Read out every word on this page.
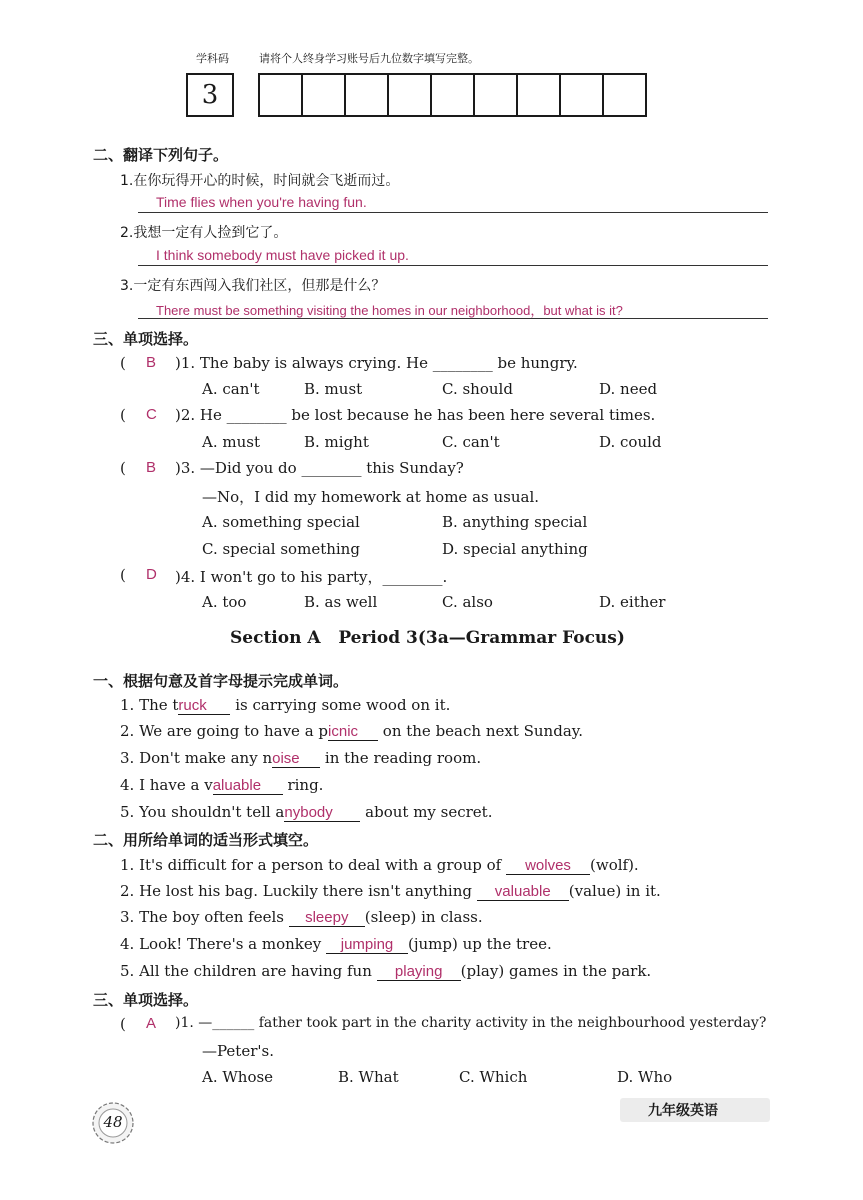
学科码	请将个人终身学习账号后九位数字填写完整。
3
二、翻译下列句子。
1.在你玩得开心的时候，时间就会飞逝而过。
Time flies when you're having fun.
2.我想一定有人捡到它了。
I think somebody must have picked it up.
3.一定有东西闯入我们社区，但那是什么？
There must be something visiting the homes in our neighborhood，but what is it?
三、单项选择。
( B )1. The baby is always crying. He ________ be hungry.
A. can't	B. must	C. should	D. need
( C )2. He ________ be lost because he has been here several times.
A. must	B. might	C. can't	D. could
( B )3. —Did you do ________ this Sunday?
—No，I did my homework at home as usual.
A. something special	B. anything special
C. special something	D. special anything
( D )4. I won't go to his party，________.
A. too	B. as well	C. also	D. either
Section A   Period 3(3a—Grammar Focus)
一、根据句意及首字母提示完成单词。
1. The truck is carrying some wood on it.
2. We are going to have a picnic on the beach next Sunday.
3. Don't make any noise in the reading room.
4. I have a valuable ring.
5. You shouldn't tell anybody about my secret.
二、用所给单词的适当形式填空。
1. It's difficult for a person to deal with a group of wolves (wolf).
2. He lost his bag. Luckily there isn't anything valuable (value) in it.
3. The boy often feels sleepy (sleep) in class.
4. Look! There's a monkey jumping (jump) up the tree.
5. All the children are having fun playing (play) games in the park.
三、单项选择。
( A )1. —______ father took part in the charity activity in the neighbourhood yesterday?
—Peter's.
A. Whose	B. What	C. Which	D. Who
48
九年级英语
